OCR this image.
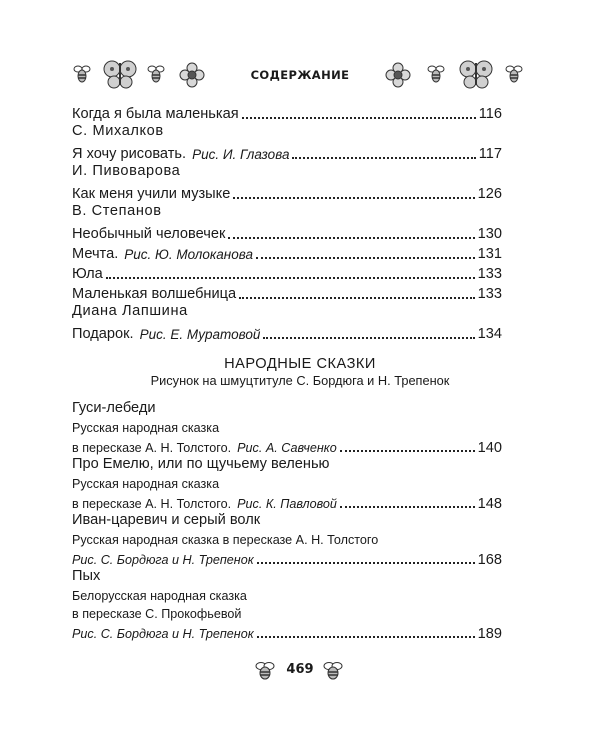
СОДЕРЖАНИЕ
Когда я была маленькая	116
С. Михалков
Я хочу рисовать. Рис. И. Глазова	117
И. Пивоварова
Как меня учили музыке	126
В. Степанов
Необычный человечек	130
Мечта. Рис. Ю. Молоканова	131
Юла	133
Маленькая волшебница	133
Диана Лапшина
Подарок. Рис. Е. Муратовой	134
НАРОДНЫЕ СКАЗКИ
Рисунок на шмуцтитуле С. Бордюга и Н. Трепенок
Гуси-лебеди
Русская народная сказка
в пересказе А. Н. Толстого. Рис. А. Савченко	140
Про Емелю, или по щучьему веленью
Русская народная сказка
в пересказе А. Н. Толстого. Рис. К. Павловой	148
Иван-царевич и серый волк
Русская народная сказка в пересказе А. Н. Толстого
Рис. С. Бордюга и Н. Трепенок	168
Пых
Белорусская народная сказка
в пересказе С. Прокофьевой
Рис. С. Бордюга и Н. Трепенок	189
469
